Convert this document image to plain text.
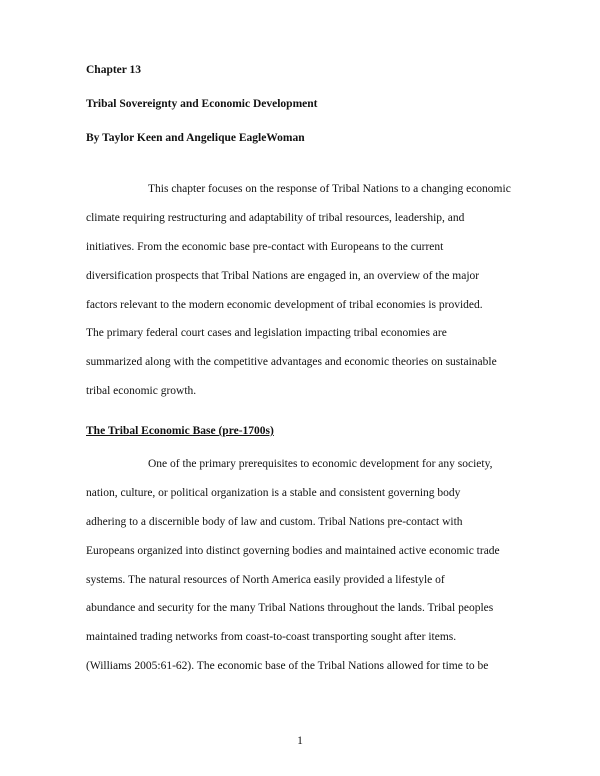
Chapter 13

Tribal Sovereignty and Economic Development

By Taylor Keen and Angelique EagleWoman

This chapter focuses on the response of Tribal Nations to a changing economic
climate requiring restructuring and adaptability of tribal resources, leadership, and
initiatives. From the economic base pre-contact with Europeans to the current
diversification prospects that Tribal Nations are engaged in, an overview of the major
factors relevant to the modern economic development of tribal economies is provided.
The primary federal court cases and legislation impacting tribal economies are
summarized along with the competitive advantages and economic theories on sustainable
tribal economic growth.

The Tribal Economic Base (pre-1700s)

One of the primary prerequisites to economic development for any society,
nation, culture, or political organization is a stable and consistent governing body
adhering to a discernible body of law and custom. Tribal Nations pre-contact with
Europeans organized into distinct governing bodies and maintained active economic trade
systems. The natural resources of North America easily provided a lifestyle of
abundance and security for the many Tribal Nations throughout the lands. Tribal peoples
maintained trading networks from coast-to-coast transporting sought after items.
(Williams 2005:61-62). The economic base of the Tribal Nations allowed for time to be

1
